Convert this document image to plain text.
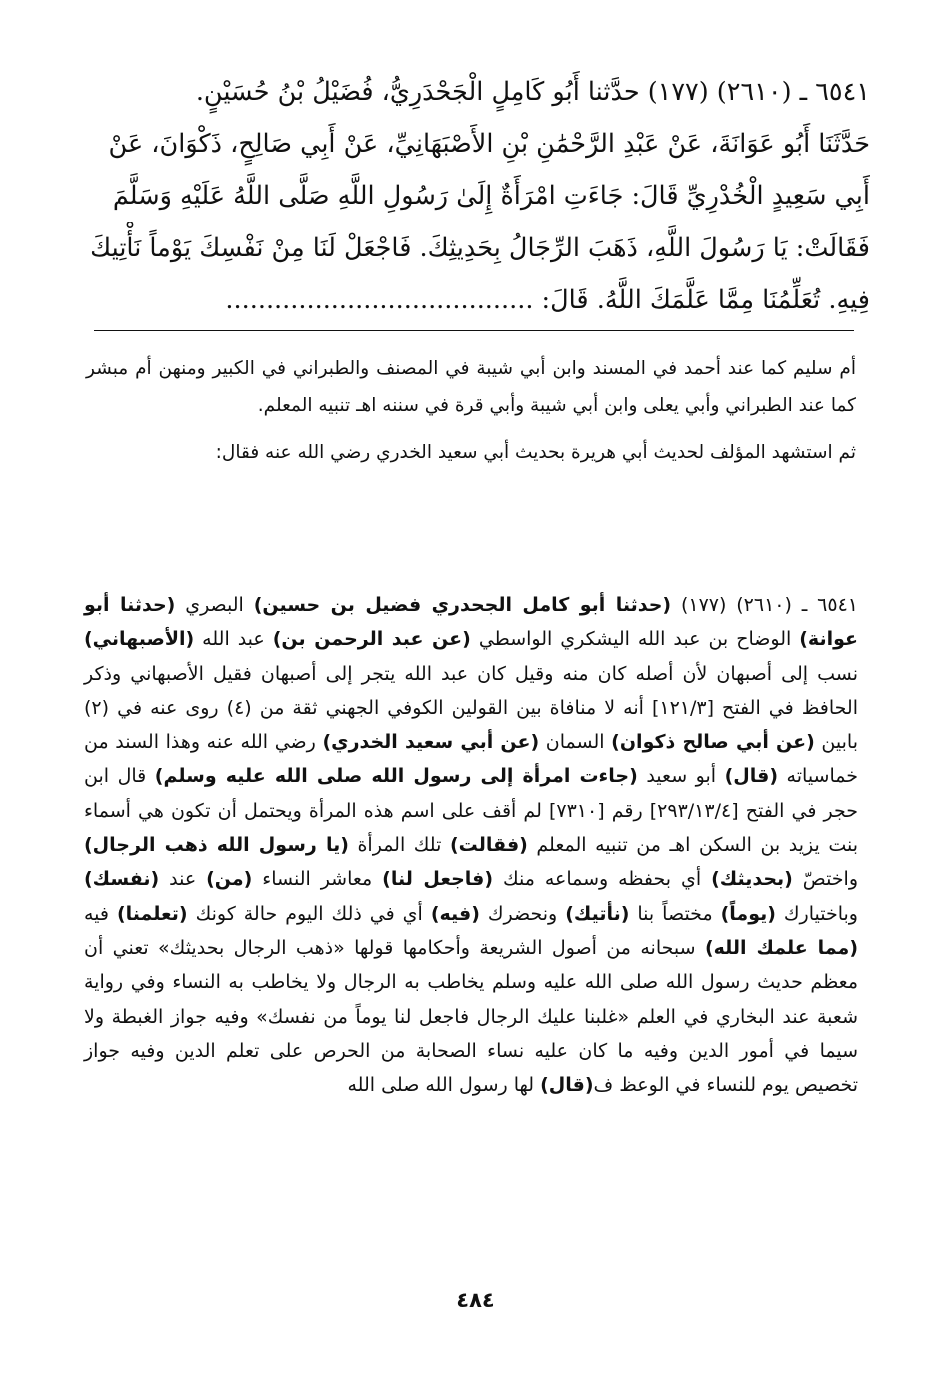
٦٥٤١ ـ (٢٦١٠) (١٧٧) حدَّثنا أَبُو كَامِلٍ الْجَحْدَرِيُّ، فُضَيْلُ بْنُ حُسَيْنٍ.
حَدَّثَنَا أَبُو عَوَانَةَ، عَنْ عَبْدِ الرَّحْمَٰنِ بْنِ الأَصْبَهَانِيِّ، عَنْ أَبِي صَالِحٍ، ذَكْوَانَ، عَنْ
أَبِي سَعِيدٍ الْخُدْرِيِّ قَالَ: جَاءَتِ امْرَأَةٌ إِلَىٰ رَسُولِ اللَّهِ صَلَّى اللَّهُ عَلَيْهِ وَسَلَّمَ
فَقَالَتْ: يَا رَسُولَ اللَّهِ، ذَهَبَ الرِّجَالُ بِحَدِيثِكَ. فَاجْعَلْ لَنَا مِنْ نَفْسِكَ يَوْماً نَأْتِيكَ
فِيهِ. تُعَلِّمُنَا مِمَّا عَلَّمَكَ اللَّهُ. قَالَ: ......................................

أم سليم كما عند أحمد في المسند وابن أبي شيبة في المصنف والطبراني في الكبير ومنهن أم مبشر كما عند الطبراني وأبي يعلى وابن أبي شيبة وأبي قرة في سننه اهـ تنبيه المعلم.

ثم استشهد المؤلف لحديث أبي هريرة بحديث أبي سعيد الخدري رضي الله عنه فقال:

٦٥٤١ ـ (٢٦١٠) (١٧٧) (حدثنا أبو كامل الجحدري فضيل بن حسين) البصري (حدثنا أبو عوانة) الوضاح بن عبد الله اليشكري الواسطي (عن عبد الرحمن بن) عبد الله (الأصبهاني) نسب إلى أصبهان لأن أصله كان منه وقيل كان عبد الله يتجر إلى أصبهان فقيل الأصبهاني وذكر الحافظ في الفتح [١٢١/٣] أنه لا منافاة بين القولين الكوفي الجهني ثقة من (٤) روى عنه في (٢) بابين (عن أبي صالح ذكوان) السمان (عن أبي سعيد الخدري) رضي الله عنه وهذا السند من خماسياته (قال) أبو سعيد (جاءت امرأة إلى رسول الله صلى الله عليه وسلم) قال ابن حجر في الفتح [٢٩٣/١٣/٤] رقم [٧٣١٠] لم أقف على اسم هذه المرأة ويحتمل أن تكون هي أسماء بنت يزيد بن السكن اهـ من تنبيه المعلم (فقالت) تلك المرأة (يا رسول الله ذهب الرجال) واختصّ (بحديثك) أي بحفظه وسماعه منك (فاجعل لنا) معاشر النساء (من) عند (نفسك) وباختيارك (يوماً) مختصاً بنا (نأتيك) ونحضرك (فيه) أي في ذلك اليوم حالة كونك (تعلمنا) فيه (مما علمك الله) سبحانه من أصول الشريعة وأحكامها قولها «ذهب الرجال بحديثك» تعني أن معظم حديث رسول الله صلى الله عليه وسلم يخاطب به الرجال ولا يخاطب به النساء وفي رواية شعبة عند البخاري في العلم «غلبنا عليك الرجال فاجعل لنا يوماً من نفسك» وفيه جواز الغبطة ولا سيما في أمور الدين وفيه ما كان عليه نساء الصحابة من الحرص على تعلم الدين وفيه جواز تخصيص يوم للنساء في الوعظ ف(قال) لها رسول الله صلى الله

٤٨٤
